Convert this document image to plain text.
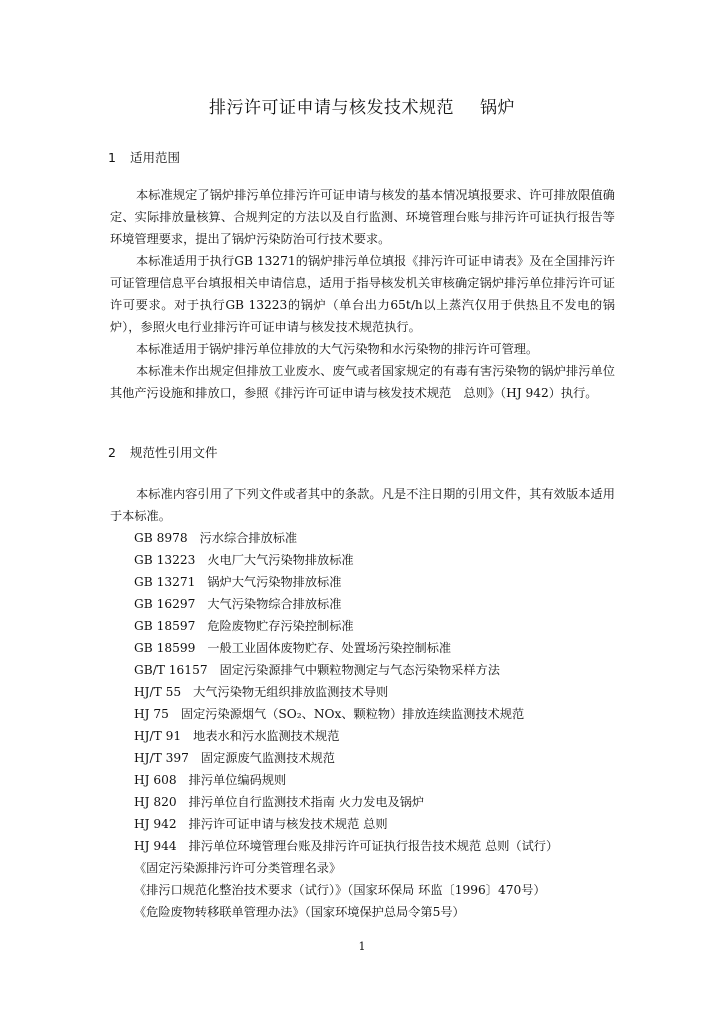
排污许可证申请与核发技术规范 锅炉
1 适用范围

本标准规定了锅炉排污单位排污许可证申请与核发的基本情况填报要求、许可排放限值确定、实际排放量核算、合规判定的方法以及自行监测、环境管理台账与排污许可证执行报告等环境管理要求，提出了锅炉污染防治可行技术要求。

本标准适用于执行GB 13271的锅炉排污单位填报《排污许可证申请表》及在全国排污许可证管理信息平台填报相关申请信息，适用于指导核发机关审核确定锅炉排污单位排污许可证许可要求。对于执行GB 13223的锅炉（单台出力65t/h以上蒸汽仅用于供热且不发电的锅炉），参照火电行业排污许可证申请与核发技术规范执行。

本标准适用于锅炉排污单位排放的大气污染物和水污染物的排污许可管理。

本标准未作出规定但排放工业废水、废气或者国家规定的有毒有害污染物的锅炉排污单位其他产污设施和排放口，参照《排污许可证申请与核发技术规范　总则》（HJ 942）执行。

2 规范性引用文件

本标准内容引用了下列文件或者其中的条款。凡是不注日期的引用文件，其有效版本适用于本标准。

GB 8978 污水综合排放标准
GB 13223 火电厂大气污染物排放标准
GB 13271 锅炉大气污染物排放标准
GB 16297 大气污染物综合排放标准
GB 18597 危险废物贮存污染控制标准
GB 18599 一般工业固体废物贮存、处置场污染控制标准
GB/T 16157 固定污染源排气中颗粒物测定与气态污染物采样方法
HJ/T 55 大气污染物无组织排放监测技术导则
HJ 75 固定污染源烟气（SO₂、NOx、颗粒物）排放连续监测技术规范
HJ/T 91 地表水和污水监测技术规范
HJ/T 397 固定源废气监测技术规范
HJ 608 排污单位编码规则
HJ 820 排污单位自行监测技术指南 火力发电及锅炉
HJ 942 排污许可证申请与核发技术规范 总则
HJ 944 排污单位环境管理台账及排污许可证执行报告技术规范 总则（试行）
《固定污染源排污许可分类管理名录》
《排污口规范化整治技术要求（试行）》（国家环保局 环监〔1996〕470号）
《危险废物转移联单管理办法》（国家环境保护总局令第5号）
1
